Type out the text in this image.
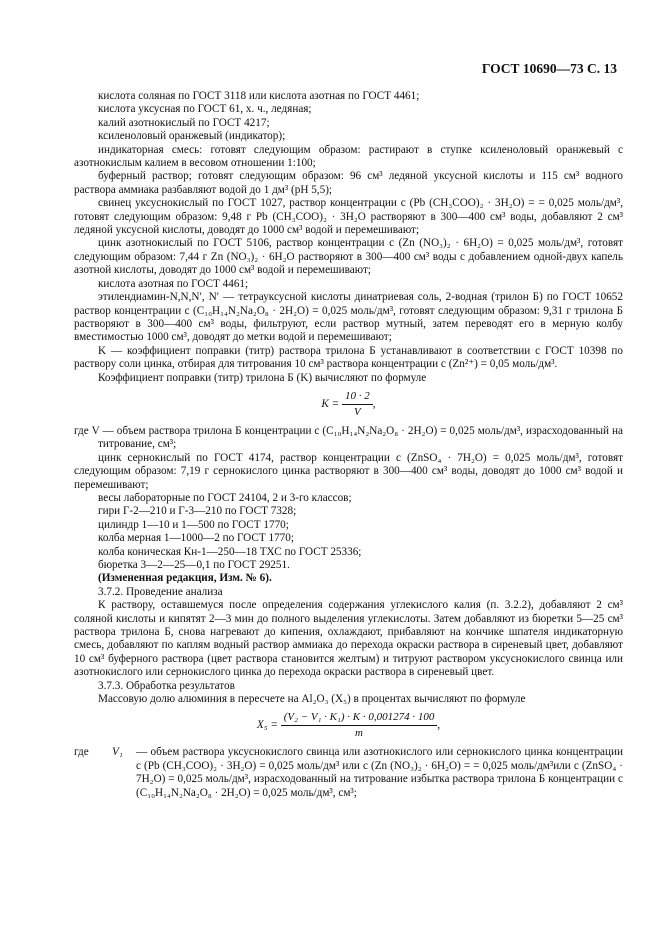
ГОСТ 10690—73 С. 13
кислота соляная по ГОСТ 3118 или кислота азотная по ГОСТ 4461;
кислота уксусная по ГОСТ 61, х. ч., ледяная;
калий азотнокислый по ГОСТ 4217;
ксиленоловый оранжевый (индикатор);
индикаторная смесь: готовят следующим образом: растирают в ступке ксиленоловый оранжевый с азотнокислым калием в весовом отношении 1:100;
буферный раствор; готовят следующим образом: 96 см³ ледяной уксусной кислоты и 115 см³ водного раствора аммиака разбавляют водой до 1 дм³ (рН 5,5);
свинец уксуснокислый по ГОСТ 1027, раствор концентрации c (Pb (CH₃COO)₂ · 3H₂O) = = 0,025 моль/дм³, готовят следующим образом: 9,48 г Pb (CH₃COO)₂ · 3H₂O растворяют в 300—400 см³ воды, добавляют 2 см³ ледяной уксусной кислоты, доводят до 1000 см³ водой и перемешивают;
цинк азотнокислый по ГОСТ 5106, раствор концентрации c (Zn (NO₃)₂ · 6H₂O) = 0,025 моль/дм³, готовят следующим образом: 7,44 г Zn (NO₃)₂ · 6H₂O растворяют в 300—400 см³ воды с добавлением одной-двух капель азотной кислоты, доводят до 1000 см³ водой и перемешивают;
кислота азотная по ГОСТ 4461;
этилендиамин-N,N,N′, N′ — тетрауксусной кислоты динатриевая соль, 2-водная (трилон Б) по ГОСТ 10652 раствор концентрации c (C₁₀H₁₄N₂Na₂O₈ · 2H₂O) = 0,025 моль/дм³, готовят следующим образом: 9,31 г трилона Б растворяют в 300—400 см³ воды, фильтруют, если раствор мутный, затем переводят его в мерную колбу вместимостью 1000 см³, доводят до метки водой и перемешивают;
K — коэффициент поправки (титр) раствора трилона Б устанавливают в соответствии с ГОСТ 10398 по раствору соли цинка, отбирая для титрования 10 см³ раствора концентрации c (Zn²⁺) = 0,05 моль/дм³.
Коэффициент поправки (титр) трилона Б (K) вычисляют по формуле
$K = \frac{10 \cdot 2}{V}$ ,
где V — объем раствора трилона Б концентрации c (C₁₀H₁₄N₂Na₂O₈ · 2H₂O) = 0,025 моль/дм³, израсходованный на титрование, см³;
цинк сернокислый по ГОСТ 4174, раствор концентрации c (ZnSO₄ · 7H₂O) = 0,025 моль/дм³, готовят следующим образом: 7,19 г сернокислого цинка растворяют в 300—400 см³ воды, доводят до 1000 см³ водой и перемешивают;
весы лабораторные по ГОСТ 24104, 2 и 3-го классов;
гири Г-2—210 и Г-3—210 по ГОСТ 7328;
цилиндр 1—10 и 1—500 по ГОСТ 1770;
колба мерная 1—1000—2 по ГОСТ 1770;
колба коническая Кн-1—250—18 ТХС по ГОСТ 25336;
бюретка 3—2—25—0,1 по ГОСТ 29251.
(Измененная редакция, Изм. № 6).
3.7.2. Проведение анализа
К раствору, оставшемуся после определения содержания углекислого калия (п. 3.2.2), добавляют 2 см³ соляной кислоты и кипятят 2—3 мин до полного выделения углекислоты. Затем добавляют из бюретки 5—25 см³ раствора трилона Б, снова нагревают до кипения, охлаждают, прибавляют на кончике шпателя индикаторную смесь, добавляют по каплям водный раствор аммиака до перехода окраски раствора в сиреневый цвет, добавляют 10 см³ буферного раствора (цвет раствора становится желтым) и титруют раствором уксуснокислого свинца или азотнокислого или сернокислого цинка до перехода окраски раствора в сиреневый цвет.
3.7.3. Обработка результатов
Массовую долю алюминия в пересчете на Al₂O₃ (X₅) в процентах вычисляют по формуле
$X_5 = \frac{\text{(V₂ − V₁ · K₁) · K · 0,001274 · 100}}{m}$ ,
где	V₁	— объем раствора уксуснокислого свинца или азотнокислого или сернокислого цинка концентрации c (Pb (CH₃COO)₂ · 3H₂O) = 0,025 моль/дм³ или c (Zn (NO₃)₂ · 6H₂O) = = 0,025 моль/дм³или c (ZnSO₄ · 7H₂O) = 0,025 моль/дм³, израсходованный на титрование избытка раствора трилона Б концентрации c (C₁₀H₁₄N₂Na₂O₈ · 2H₂O) = 0,025 моль/дм³, см³;
